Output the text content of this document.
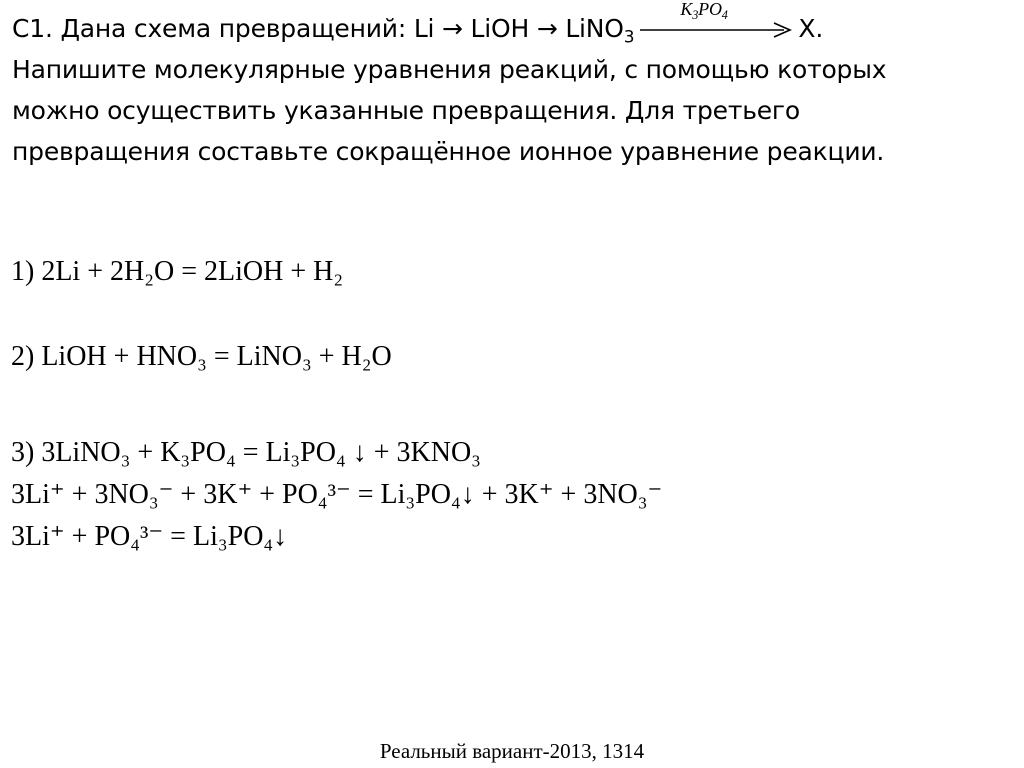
С1. Дана схема превращений: Li → LiOH → LiNO$_3$
$K_3PO_4$	X.
Напишите молекулярные уравнения реакций, с помощью которых
можно осуществить указанные превращения. Для третьего
превращения составьте сокращённое ионное уравнение реакции.
1) 2Li + 2H₂O = 2LiOH + H₂
2) LiOH + HNO₃ = LiNO₃ + H₂O
3) 3LiNO₃ + K₃PO₄ = Li₃PO₄ ↓ + 3KNO₃
3Li⁺ + 3NO₃⁻ + 3K⁺ + PO₄³⁻ = Li₃PO₄↓ + 3K⁺ + 3NO₃⁻
3Li⁺ + PO₄³⁻ = Li₃PO₄↓
Реальный вариант-2013, 1314
